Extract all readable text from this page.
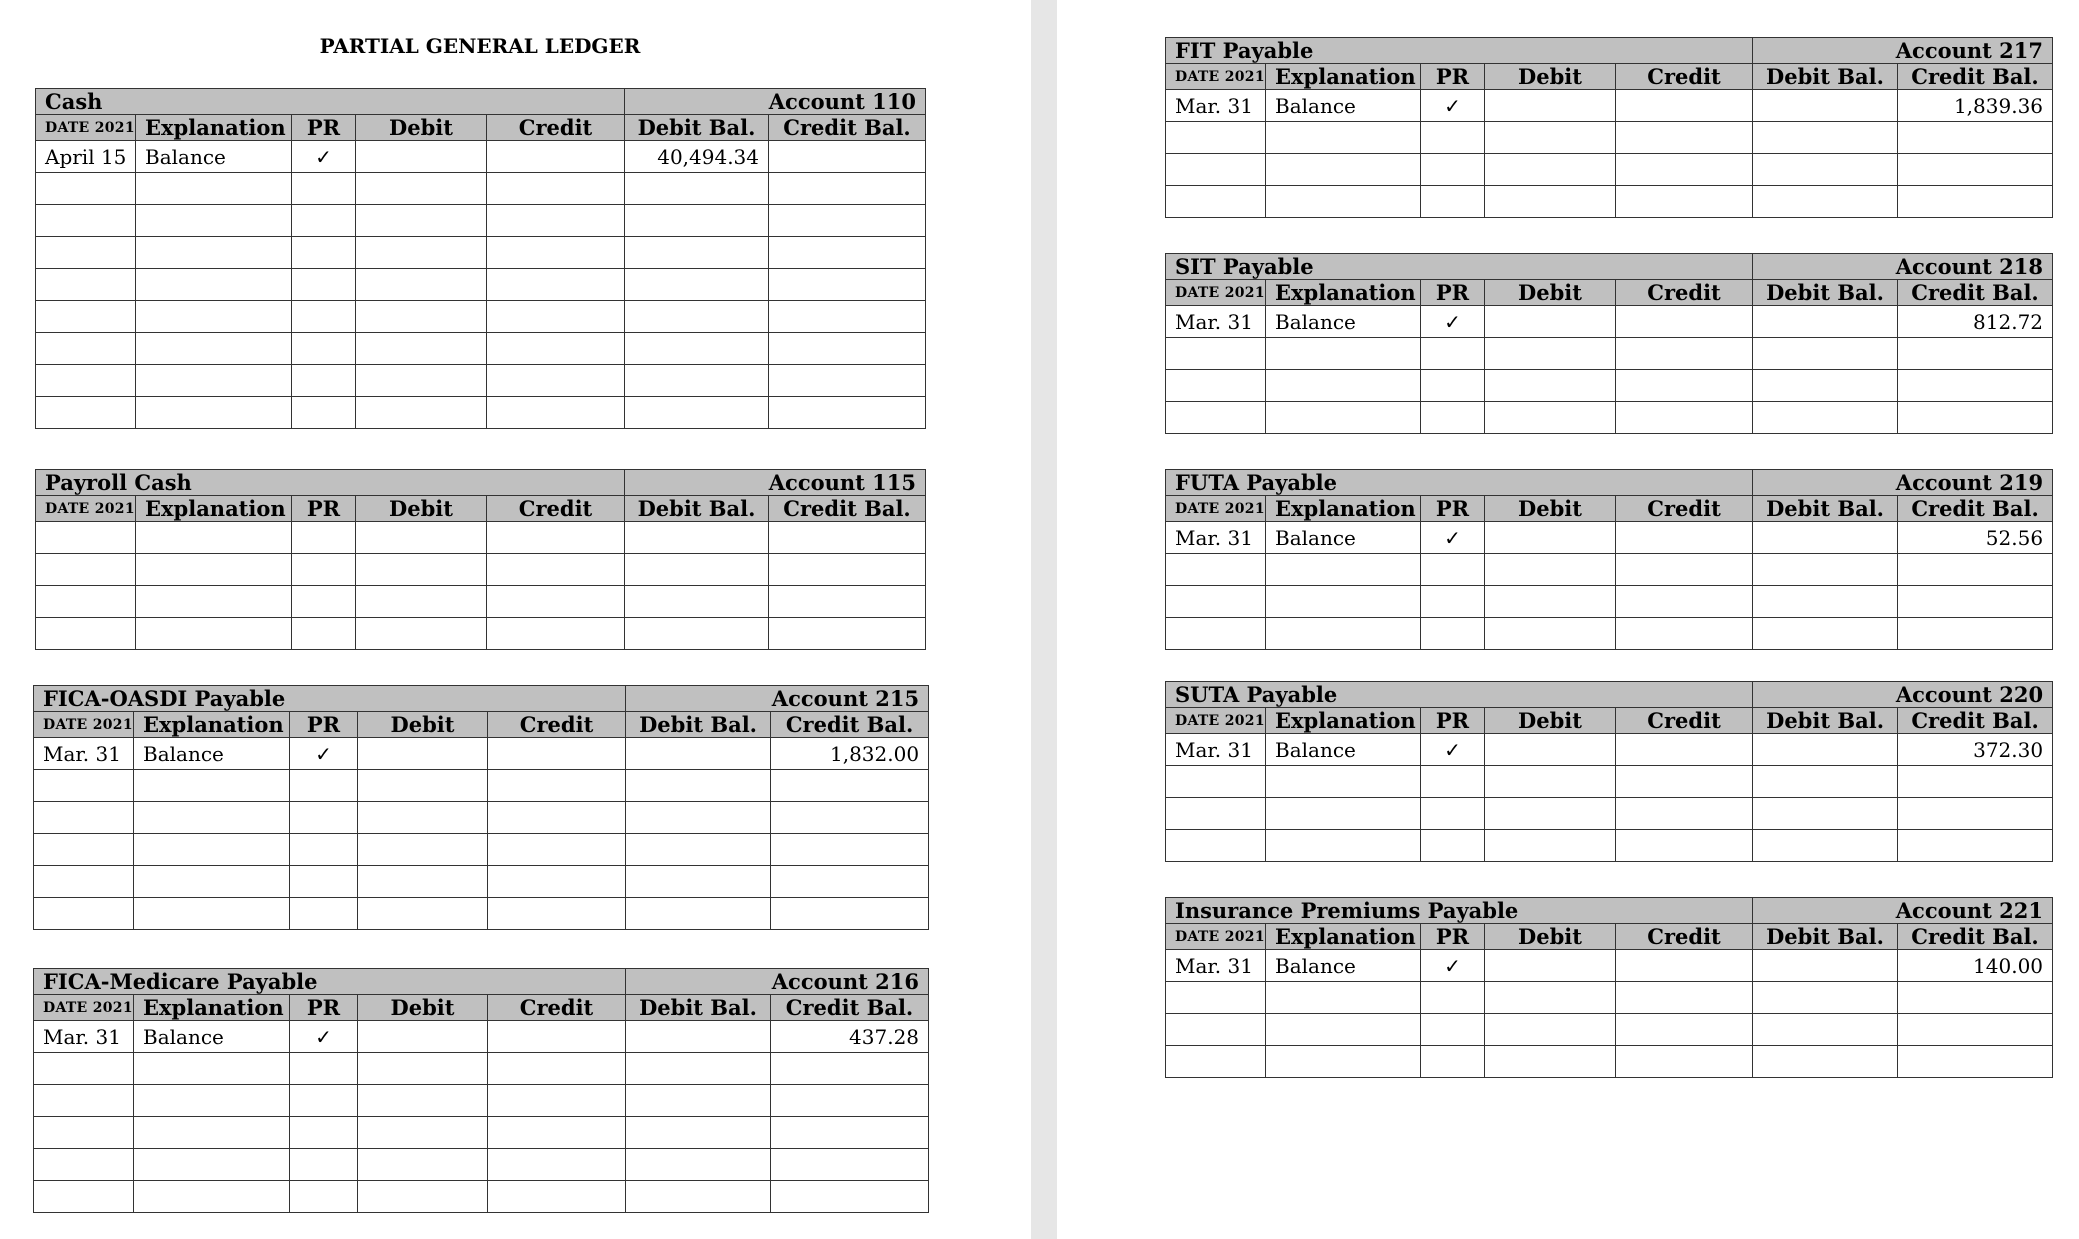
PARTIAL GENERAL LEDGER
Cash					Account 110	
DATE 2021	Explanation	PR	Debit	Credit	Debit Bal.	Credit Bal.
April 15	Balance	✓			40,494.34	

Payroll Cash					Account 115	
DATE 2021	Explanation	PR	Debit	Credit	Debit Bal.	Credit Bal.

FICA-OASDI Payable					Account 215	
DATE 2021	Explanation	PR	Debit	Credit	Debit Bal.	Credit Bal.
Mar. 31	Balance	✓				1,832.00

FICA-Medicare Payable					Account 216	
DATE 2021	Explanation	PR	Debit	Credit	Debit Bal.	Credit Bal.
Mar. 31	Balance	✓				437.28

FIT Payable					Account 217	
DATE 2021	Explanation	PR	Debit	Credit	Debit Bal.	Credit Bal.
Mar. 31	Balance	✓				1,839.36

SIT Payable					Account 218	
DATE 2021	Explanation	PR	Debit	Credit	Debit Bal.	Credit Bal.
Mar. 31	Balance	✓				812.72

FUTA Payable					Account 219	
DATE 2021	Explanation	PR	Debit	Credit	Debit Bal.	Credit Bal.
Mar. 31	Balance	✓				52.56

SUTA Payable					Account 220	
DATE 2021	Explanation	PR	Debit	Credit	Debit Bal.	Credit Bal.
Mar. 31	Balance	✓				372.30

Insurance Premiums Payable					Account 221	
DATE 2021	Explanation	PR	Debit	Credit	Debit Bal.	Credit Bal.
Mar. 31	Balance	✓				140.00
